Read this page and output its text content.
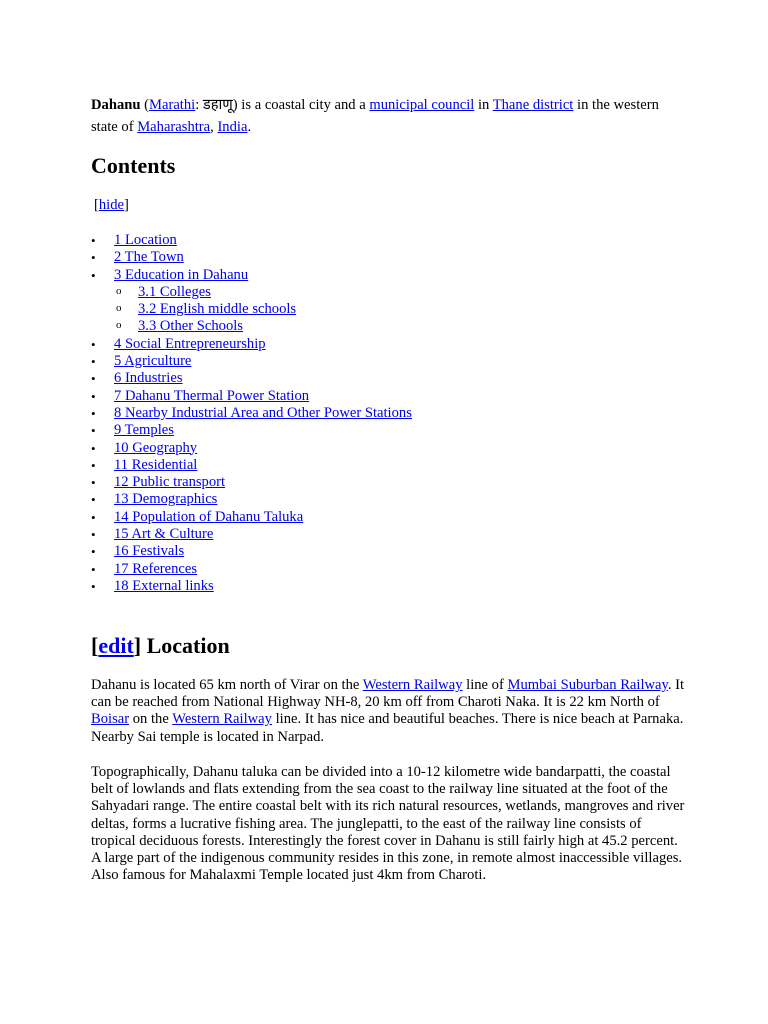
Dahanu (Marathi: डहाणू) is a coastal city and a municipal council in Thane district in the western state of Maharashtra, India.

Contents
[hide]
• 1 Location
• 2 The Town
• 3 Education in Dahanu
o 3.1 Colleges
o 3.2 English middle schools
o 3.3 Other Schools
• 4 Social Entrepreneurship
• 5 Agriculture
• 6 Industries
• 7 Dahanu Thermal Power Station
• 8 Nearby Industrial Area and Other Power Stations
• 9 Temples
• 10 Geography
• 11 Residential
• 12 Public transport
• 13 Demographics
• 14 Population of Dahanu Taluka
• 15 Art & Culture
• 16 Festivals
• 17 References
• 18 External links
[edit] Location

Dahanu is located 65 km north of Virar on the Western Railway line of Mumbai Suburban Railway. It can be reached from National Highway NH-8, 20 km off from Charoti Naka. It is 22 km North of Boisar on the Western Railway line. It has nice and beautiful beaches. There is nice beach at Parnaka. Nearby Sai temple is located in Narpad.

Topographically, Dahanu taluka can be divided into a 10-12 kilometre wide bandarpatti, the coastal belt of lowlands and flats extending from the sea coast to the railway line situated at the foot of the Sahyadari range. The entire coastal belt with its rich natural resources, wetlands, mangroves and river deltas, forms a lucrative fishing area. The junglepatti, to the east of the railway line consists of tropical deciduous forests. Interestingly the forest cover in Dahanu is still fairly high at 45.2 percent. A large part of the indigenous community resides in this zone, in remote almost inaccessible villages. Also famous for Mahalaxmi Temple located just 4km from Charoti.
